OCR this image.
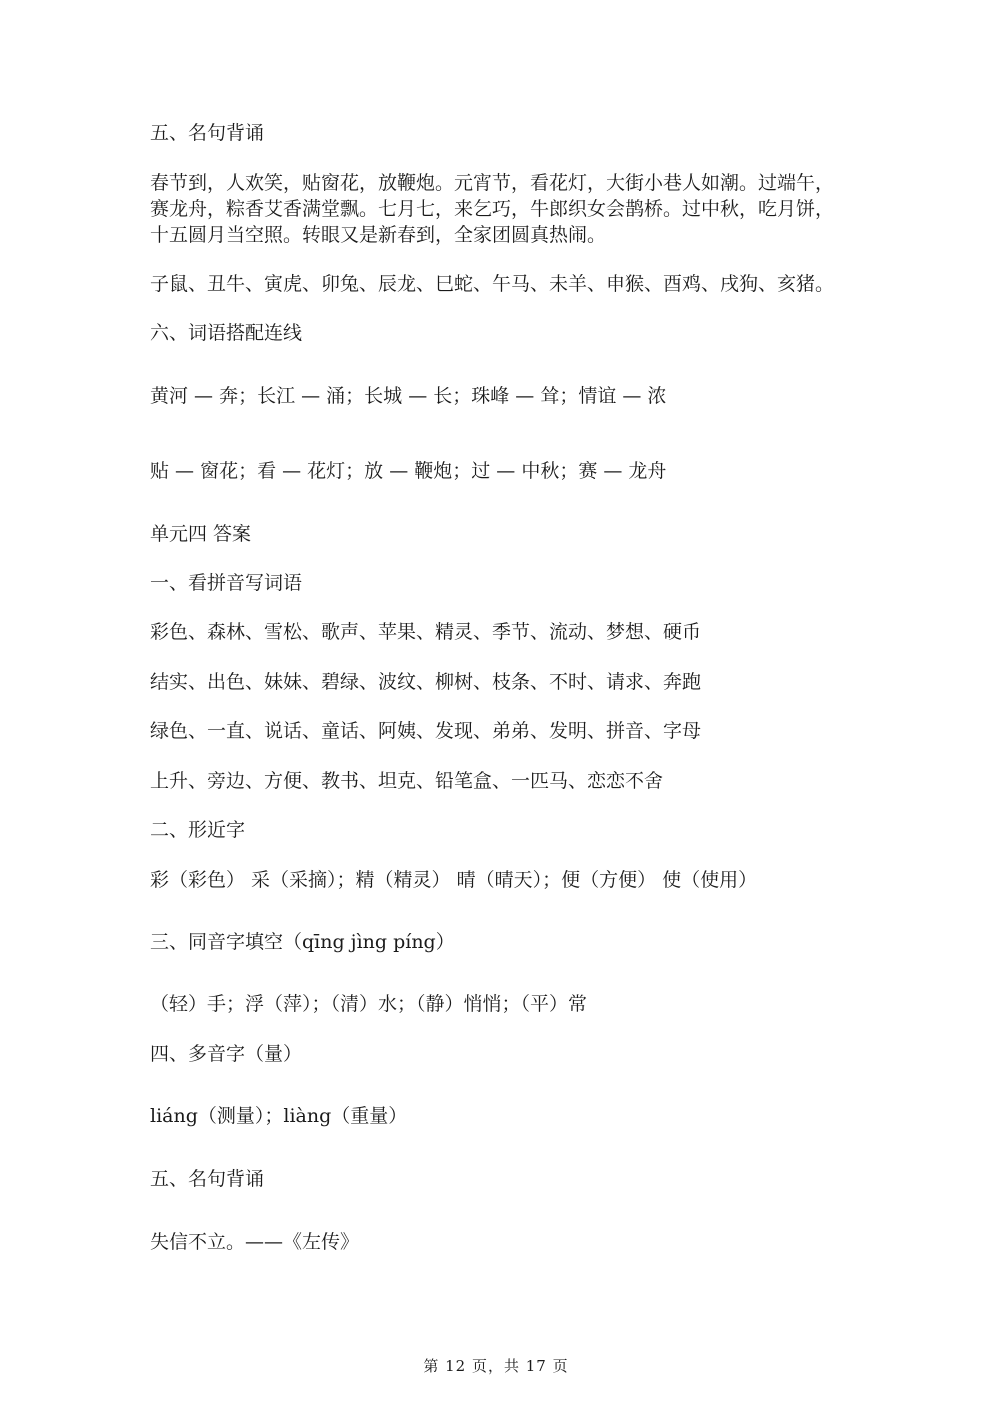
五、名句背诵
春节到，人欢笑，贴窗花，放鞭炮。元宵节，看花灯，大街小巷人如潮。过端午，
赛龙舟，粽香艾香满堂飘。七月七，来乞巧，牛郎织女会鹊桥。过中秋，吃月饼，
十五圆月当空照。转眼又是新春到，全家团圆真热闹。
子鼠、丑牛、寅虎、卯兔、辰龙、巳蛇、午马、未羊、申猴、酉鸡、戌狗、亥猪。
六、词语搭配连线
黄河 — 奔；长江 — 涌；长城 — 长；珠峰 — 耸；情谊 — 浓
贴 — 窗花；看 — 花灯；放 — 鞭炮；过 — 中秋；赛 — 龙舟
单元四 答案
一、看拼音写词语
彩色、森林、雪松、歌声、苹果、精灵、季节、流动、梦想、硬币
结实、出色、妹妹、碧绿、波纹、柳树、枝条、不时、请求、奔跑
绿色、一直、说话、童话、阿姨、发现、弟弟、发明、拼音、字母
上升、旁边、方便、教书、坦克、铅笔盒、一匹马、恋恋不舍
二、形近字
彩（彩色） 采（采摘）；精（精灵） 晴（晴天）；便（方便） 使（使用）
三、同音字填空（qīng jìng píng）
（轻）手；浮（萍）；（清）水；（静）悄悄；（平）常
四、多音字（量）
liáng（测量）；liàng（重量）
五、名句背诵
失信不立。——《左传》
第 12 页，共 17 页
